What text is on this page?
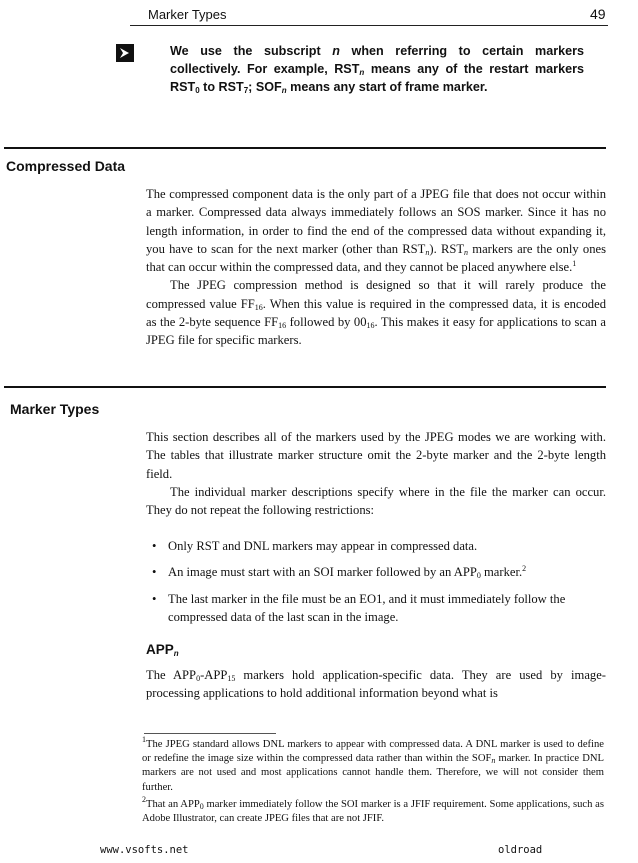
Marker Types	49

We use the subscript n when referring to certain markers collectively. For example, $RST_n$ means any of the restart markers $RST_0$ to $RST_7$; $SOF_n$ means any start of frame marker.

Compressed Data

The compressed component data is the only part of a JPEG file that does not occur within a marker. Compressed data always immediately follows an SOS marker. Since it has no length information, in order to find the end of the compressed data without expanding it, you have to scan for the next marker (other than $RST_n$). $RST_n$ markers are the only ones that can occur within the compressed data, and they cannot be placed anywhere else.$^1$

The JPEG compression method is designed so that it will rarely produce the compressed value $FF_{16}$. When this value is required in the compressed data, it is encoded as the 2-byte sequence $FF_{16}$ followed by $00_{16}$. This makes it easy for applications to scan a JPEG file for specific markers.

Marker Types

This section describes all of the markers used by the JPEG modes we are working with. The tables that illustrate marker structure omit the 2-byte marker and the 2-byte length field.

The individual marker descriptions specify where in the file the marker can occur. They do not repeat the following restrictions:

• Only RST and DNL markers may appear in compressed data.
• An image must start with an SOI marker followed by an $APP_0$ marker.$^2$
• The last marker in the file must be an EO1, and it must immediately follow the compressed data of the last scan in the image.
$APP_n$

The $APP_0-APP_{15}$ markers hold application-specific data. They are used by image-processing applications to hold additional information beyond what is

$^1$The JPEG standard allows DNL markers to appear with compressed data. A DNL marker is used to define or redefine the image size within the compressed data rather than within the $SOF_n$ marker. In practice DNL markers are not used and most applications cannot handle them. Therefore, we will not consider them further.

$^2$That an $APP_0$ marker immediately follow the SOI marker is a JFIF requirement. Some applications, such as Adobe Illustrator, can create JPEG files that are not JFIF.

www.vsofts.net	oldroad
